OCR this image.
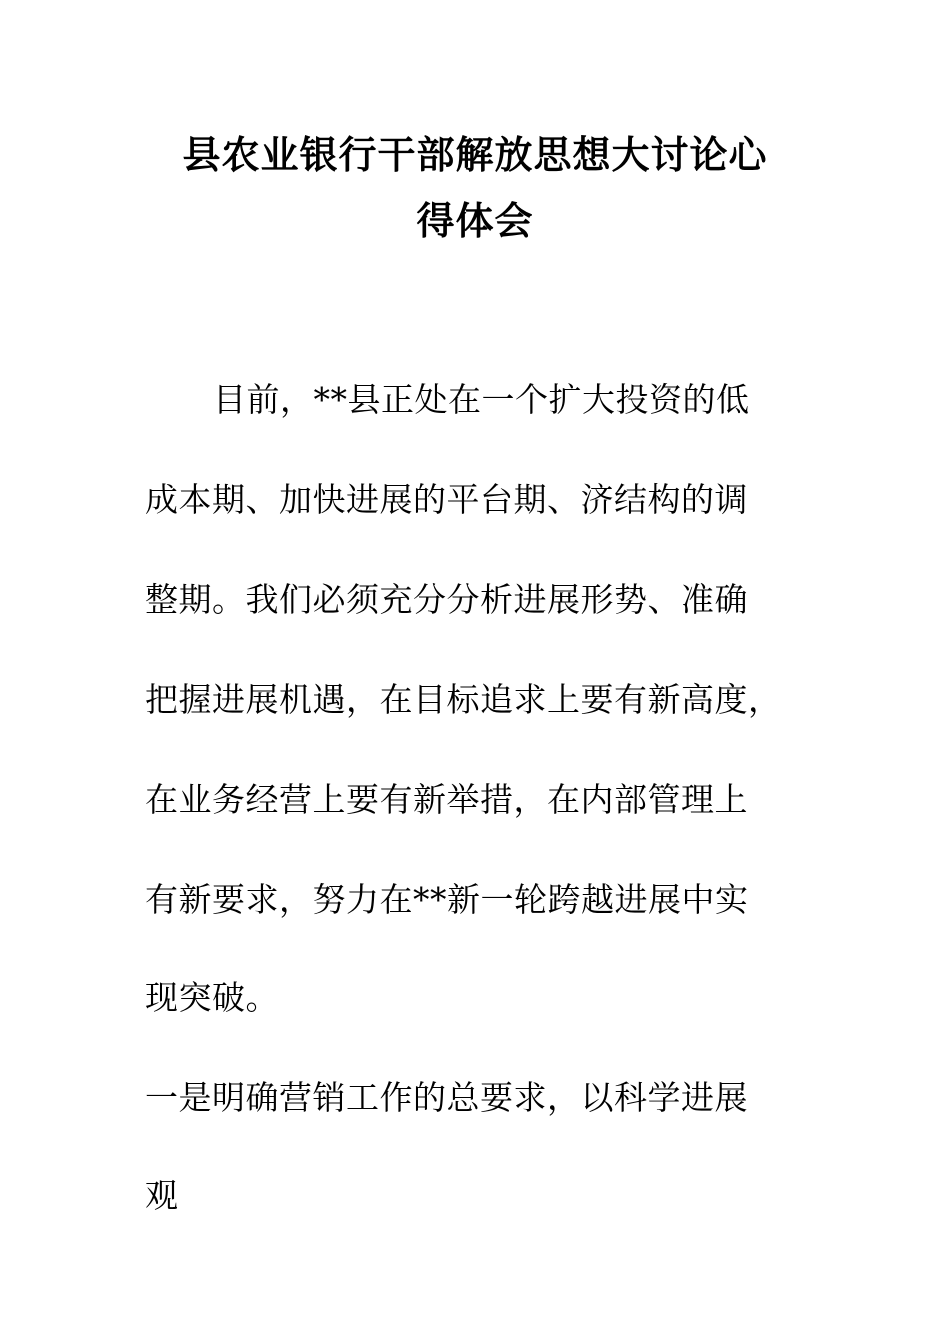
县农业银行干部解放思想大讨论心
得体会

目前，**县正处在一个扩大投资的低

成本期、加快进展的平台期、济结构的调

整期。我们必须充分分析进展形势、准确

把握进展机遇，在目标追求上要有新高度，

在业务经营上要有新举措，在内部管理上

有新要求，努力在**新一轮跨越进展中实

现突破。

一是明确营销工作的总要求，以科学进展

观
